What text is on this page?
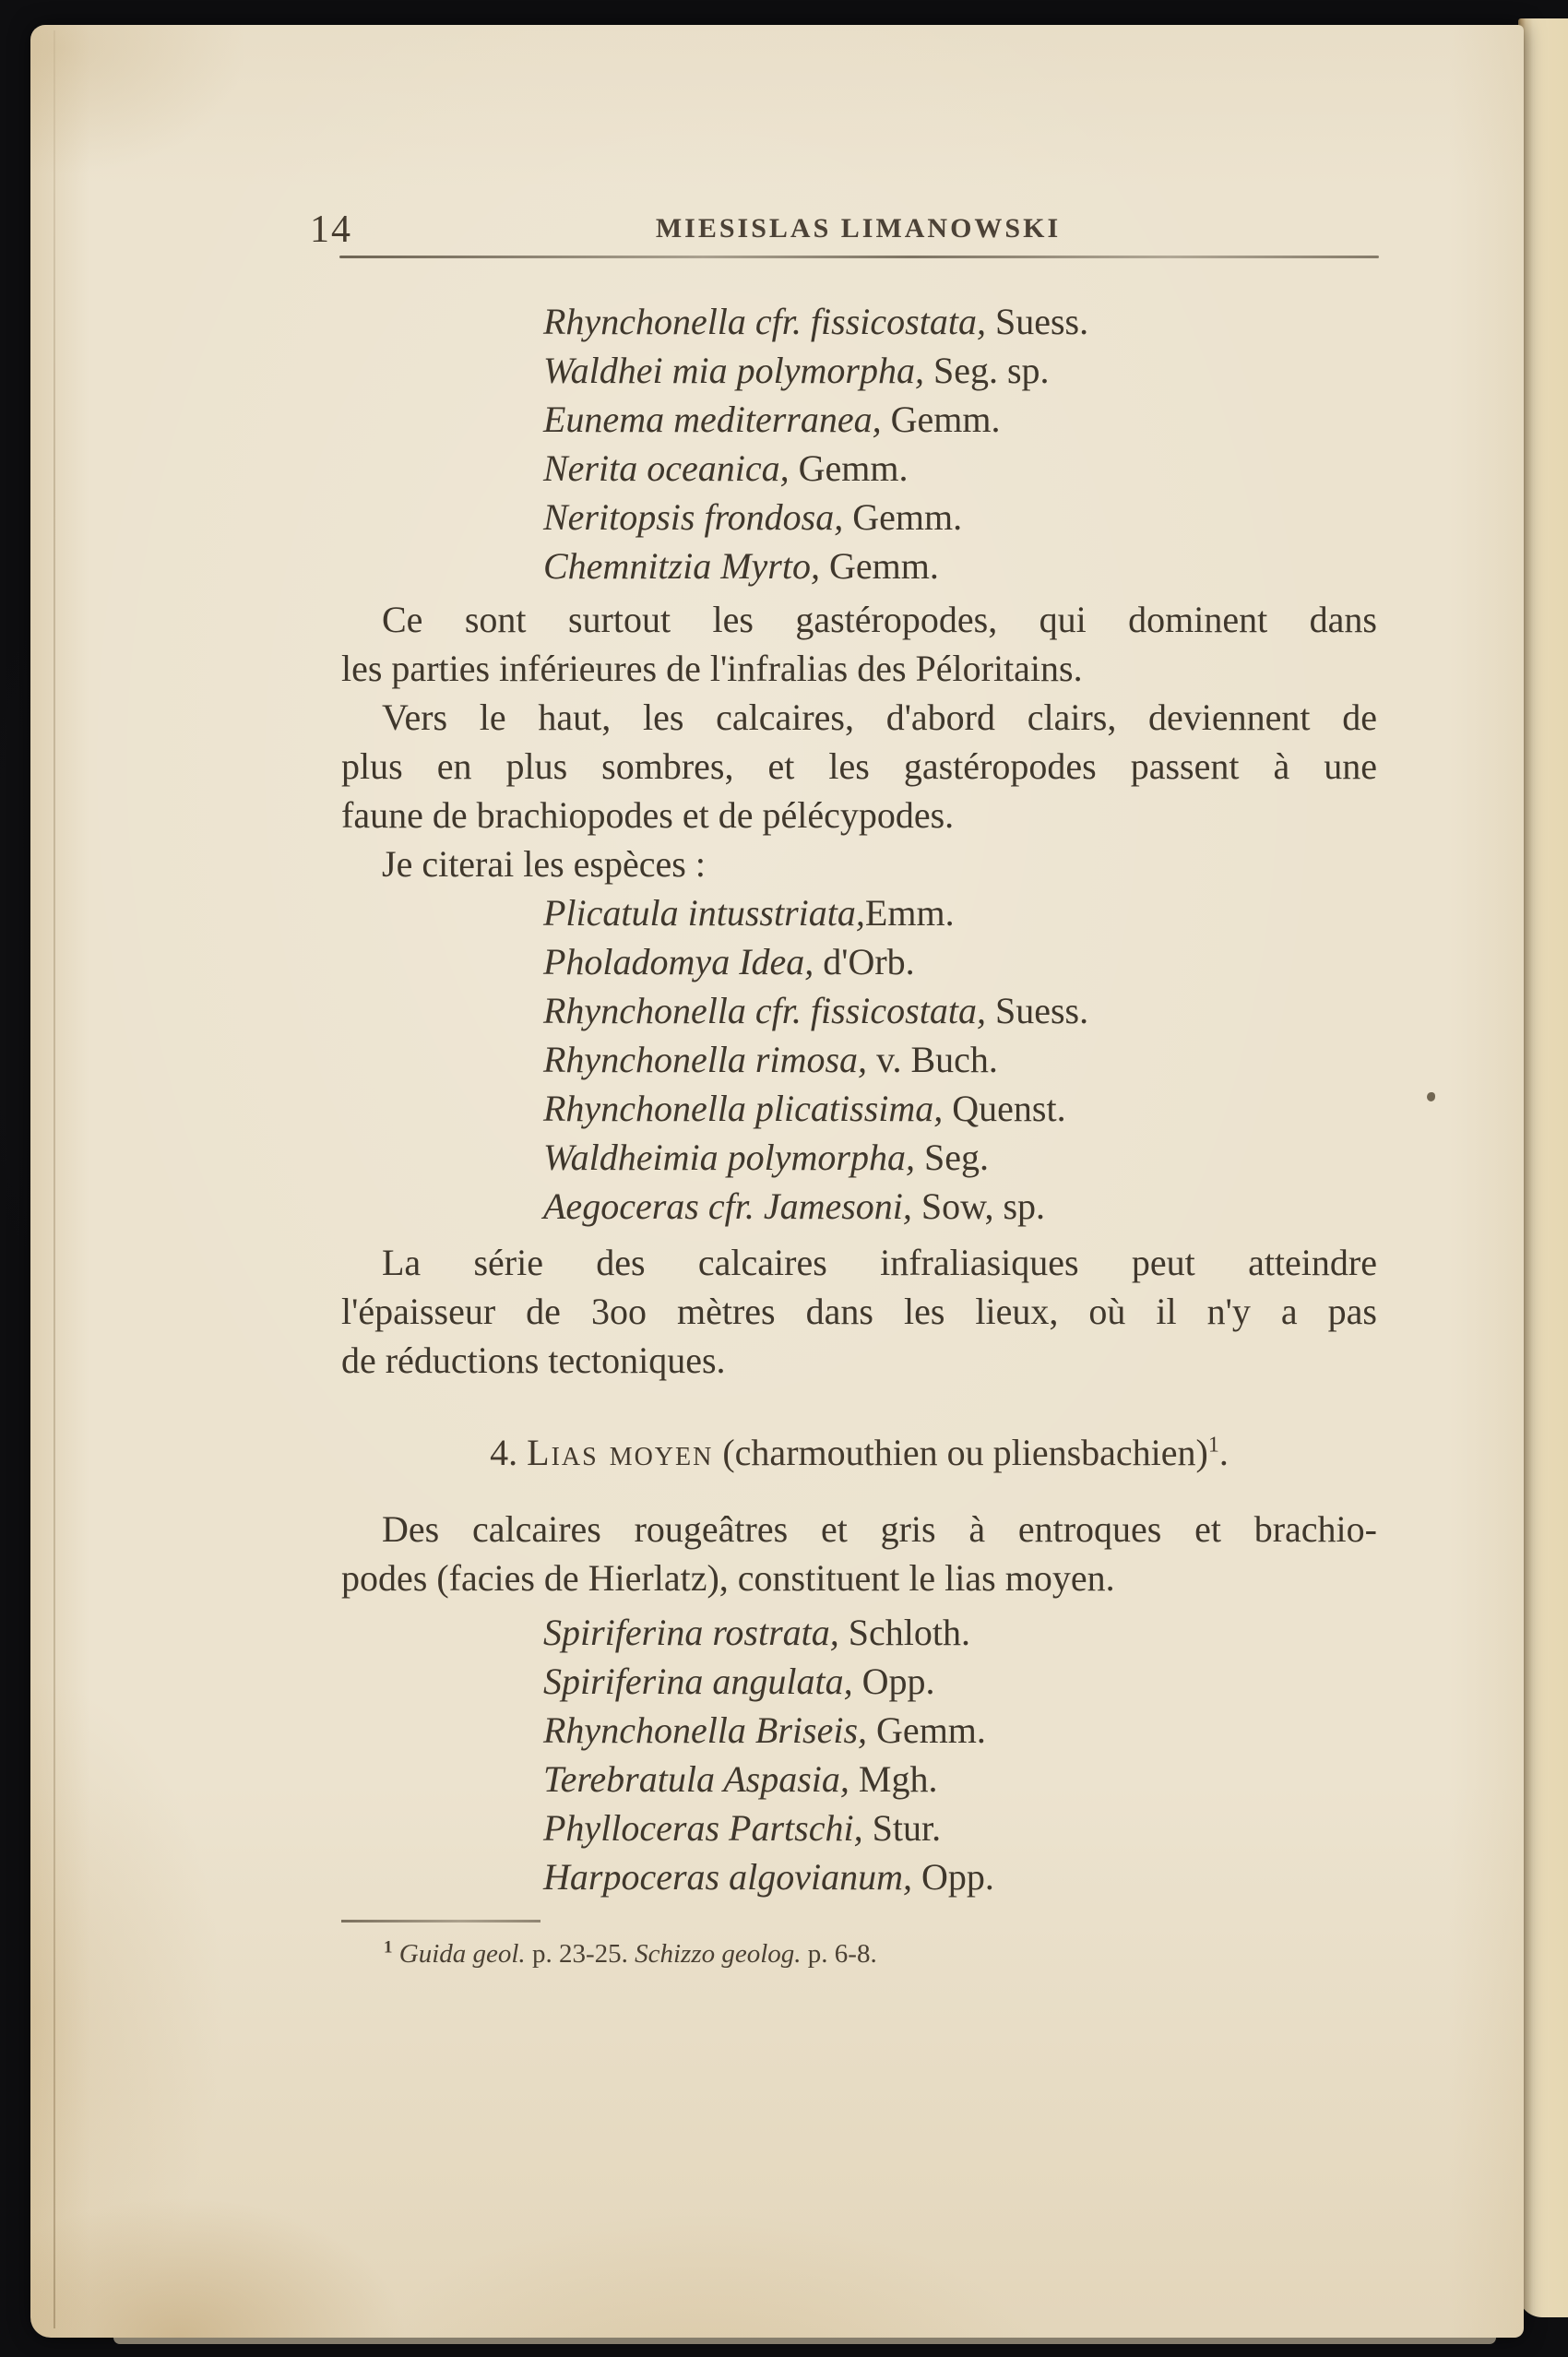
14	MIESISLAS LIMANOWSKI
Rhynchonella cfr. fissicostata, Suess.
Waldhei mia polymorpha, Seg. sp.
Eunema mediterranea, Gemm.
Nerita oceanica, Gemm.
Neritopsis frondosa, Gemm.
Chemnitzia Myrto, Gemm.
Ce sont surtout les gastéropodes, qui dominent dans
les parties inférieures de l'infralias des Péloritains.
Vers le haut, les calcaires, d'abord clairs, deviennent de
plus en plus sombres, et les gastéropodes passent à une
faune de brachiopodes et de pélécypodes.
Je citerai les espèces :
Plicatula intusstriata,Emm.
Pholadomya Idea, d'Orb.
Rhynchonella cfr. fissicostata, Suess.
Rhynchonella rimosa, v. Buch.
Rhynchonella plicatissima, Quenst.
Waldheimia polymorpha, Seg.
Aegoceras cfr. Jamesoni, Sow, sp.
La série des calcaires infraliasiques peut atteindre
l'épaisseur de 3oo mètres dans les lieux, où il n'y a pas
de réductions tectoniques.
4. Lias moyen (charmouthien ou pliensbachien)$^1$.
Des calcaires rougeâtres et gris à entroques et brachio-
podes (facies de Hierlatz), constituent le lias moyen.
Spiriferina rostrata, Schloth.
Spiriferina angulata, Opp.
Rhynchonella Briseis, Gemm.
Terebratula Aspasia, Mgh.
Phylloceras Partschi, Stur.
Harpoceras algovianum, Opp.
$^1$ Guida geol. p. 23-25. Schizzo geolog. p. 6-8.
